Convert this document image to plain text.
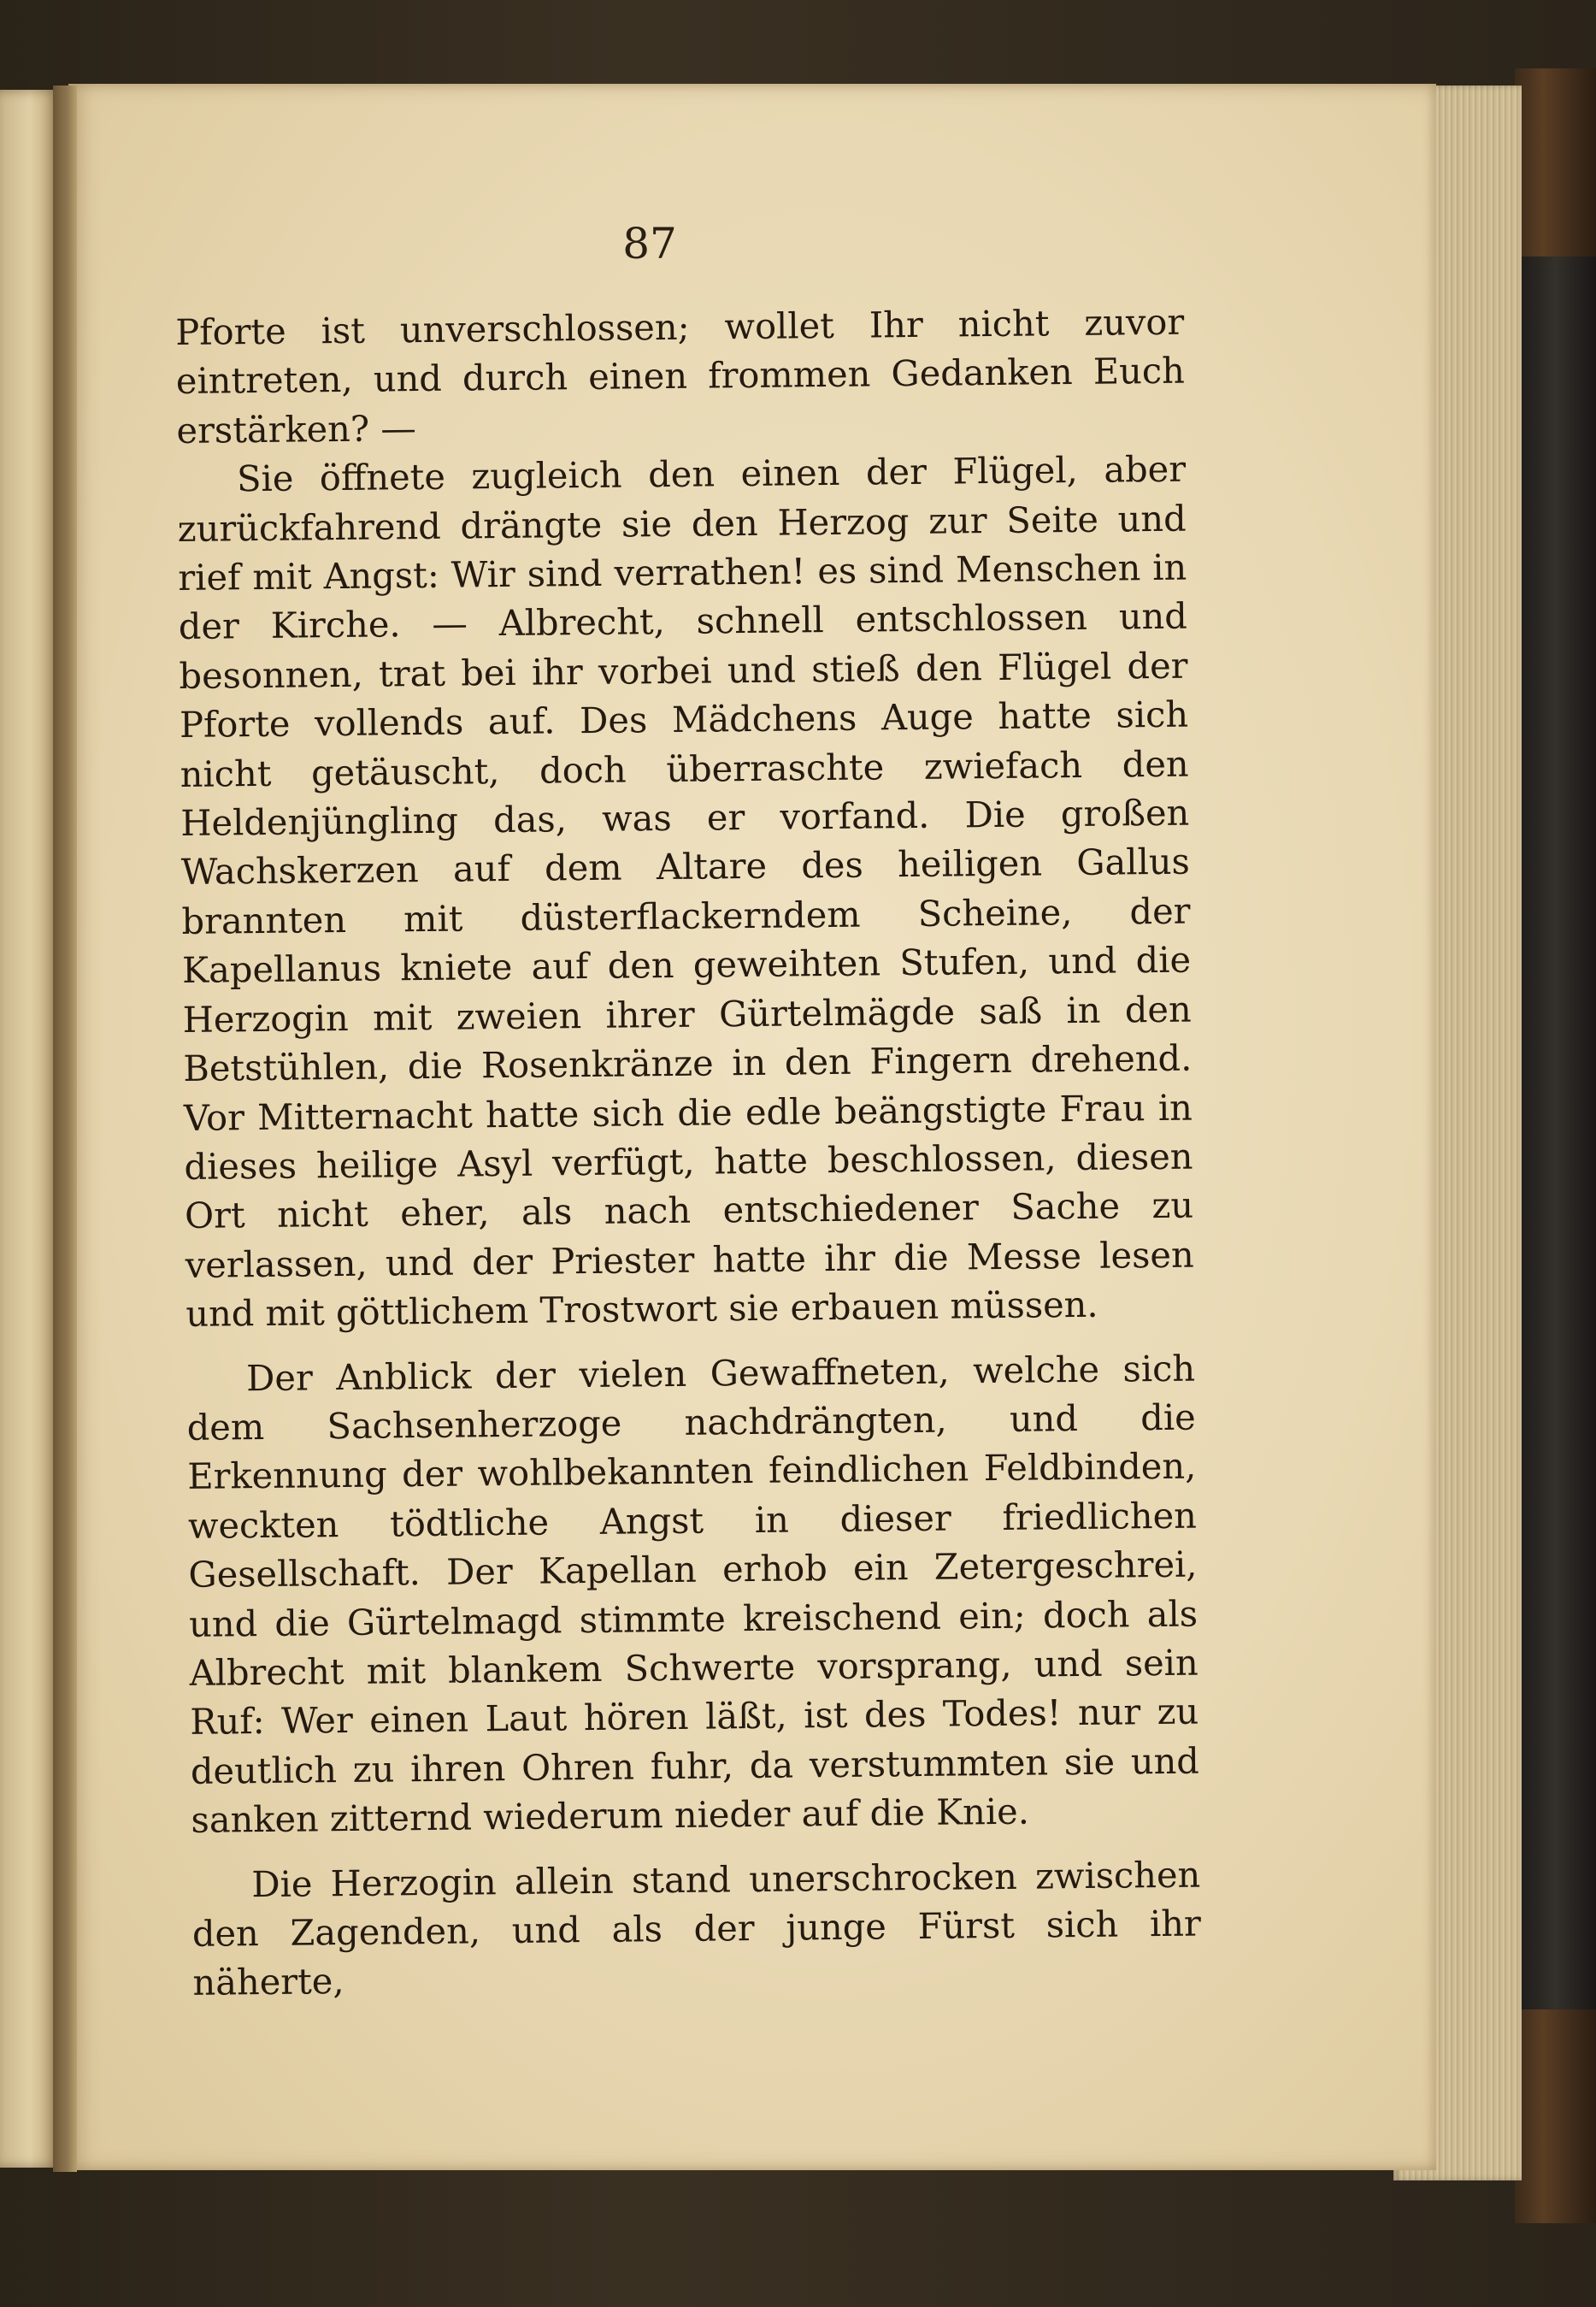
87

Pforte ist unverschlossen; wollet Ihr nicht zuvor eintreten, und durch einen frommen Gedanken Euch erstärken? —

Sie öffnete zugleich den einen der Flügel, aber zurückfahrend drängte sie den Herzog zur Seite und rief mit Angst: Wir sind verrathen! es sind Menschen in der Kirche. — Albrecht, schnell entschlossen und besonnen, trat bei ihr vorbei und stieß den Flügel der Pforte vollends auf. Des Mädchens Auge hatte sich nicht getäuscht, doch überraschte zwiefach den Heldenjüngling das, was er vorfand. Die großen Wachskerzen auf dem Altare des heiligen Gallus brannten mit düsterflackerndem Scheine, der Kapellanus kniete auf den geweihten Stufen, und die Herzogin mit zweien ihrer Gürtelmägde saß in den Betstühlen, die Rosenkränze in den Fingern drehend. Vor Mitternacht hatte sich die edle beängstigte Frau in dieses heilige Asyl verfügt, hatte beschlossen, diesen Ort nicht eher, als nach entschiedener Sache zu verlassen, und der Priester hatte ihr die Messe lesen und mit göttlichem Trostwort sie erbauen müssen.

Der Anblick der vielen Gewaffneten, welche sich dem Sachsenherzoge nachdrängten, und die Erkennung der wohlbekannten feindlichen Feldbinden, weckten tödtliche Angst in dieser friedlichen Gesellschaft. Der Kapellan erhob ein Zetergeschrei, und die Gürtelmagd stimmte kreischend ein; doch als Albrecht mit blankem Schwerte vorsprang, und sein Ruf: Wer einen Laut hören läßt, ist des Todes! nur zu deutlich zu ihren Ohren fuhr, da verstummten sie und sanken zitternd wiederum nieder auf die Knie.

Die Herzogin allein stand unerschrocken zwischen den Zagenden, und als der junge Fürst sich ihr näherte,
